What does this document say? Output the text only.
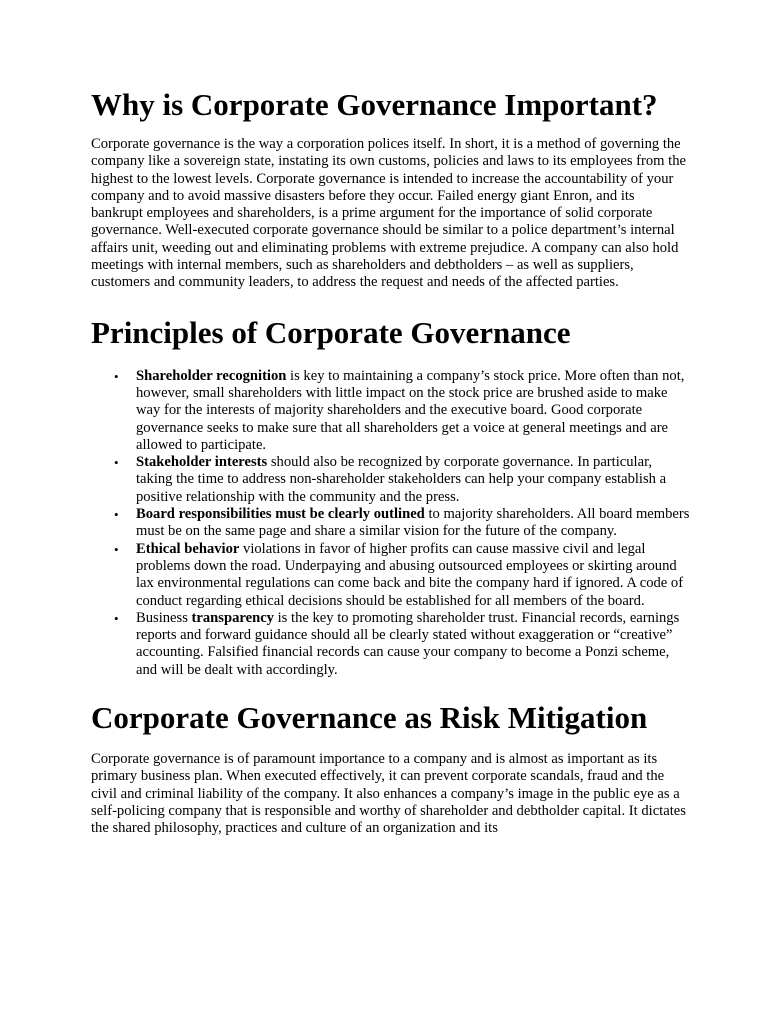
Why is Corporate Governance Important?

Corporate governance is the way a corporation polices itself. In short, it is a method of governing the company like a sovereign state, instating its own customs, policies and laws to its employees from the highest to the lowest levels. Corporate governance is intended to increase the accountability of your company and to avoid massive disasters before they occur. Failed energy giant Enron, and its bankrupt employees and shareholders, is a prime argument for the importance of solid corporate governance. Well-executed corporate governance should be similar to a police department’s internal affairs unit, weeding out and eliminating problems with extreme prejudice. A company can also hold meetings with internal members, such as shareholders and debtholders – as well as suppliers, customers and community leaders, to address the request and needs of the affected parties.

Principles of Corporate Governance
• Shareholder recognition is key to maintaining a company’s stock price. More often than not, however, small shareholders with little impact on the stock price are brushed aside to make way for the interests of majority shareholders and the executive board. Good corporate governance seeks to make sure that all shareholders get a voice at general meetings and are allowed to participate.
• Stakeholder interests should also be recognized by corporate governance. In particular, taking the time to address non-shareholder stakeholders can help your company establish a positive relationship with the community and the press.
• Board responsibilities must be clearly outlined to majority shareholders. All board members must be on the same page and share a similar vision for the future of the company.
• Ethical behavior violations in favor of higher profits can cause massive civil and legal problems down the road. Underpaying and abusing outsourced employees or skirting around lax environmental regulations can come back and bite the company hard if ignored. A code of conduct regarding ethical decisions should be established for all members of the board.
• Business transparency is the key to promoting shareholder trust. Financial records, earnings reports and forward guidance should all be clearly stated without exaggeration or “creative” accounting. Falsified financial records can cause your company to become a Ponzi scheme, and will be dealt with accordingly.
Corporate Governance as Risk Mitigation

Corporate governance is of paramount importance to a company and is almost as important as its primary business plan. When executed effectively, it can prevent corporate scandals, fraud and the civil and criminal liability of the company. It also enhances a company’s image in the public eye as a self-policing company that is responsible and worthy of shareholder and debtholder capital. It dictates the shared philosophy, practices and culture of an organization and its
